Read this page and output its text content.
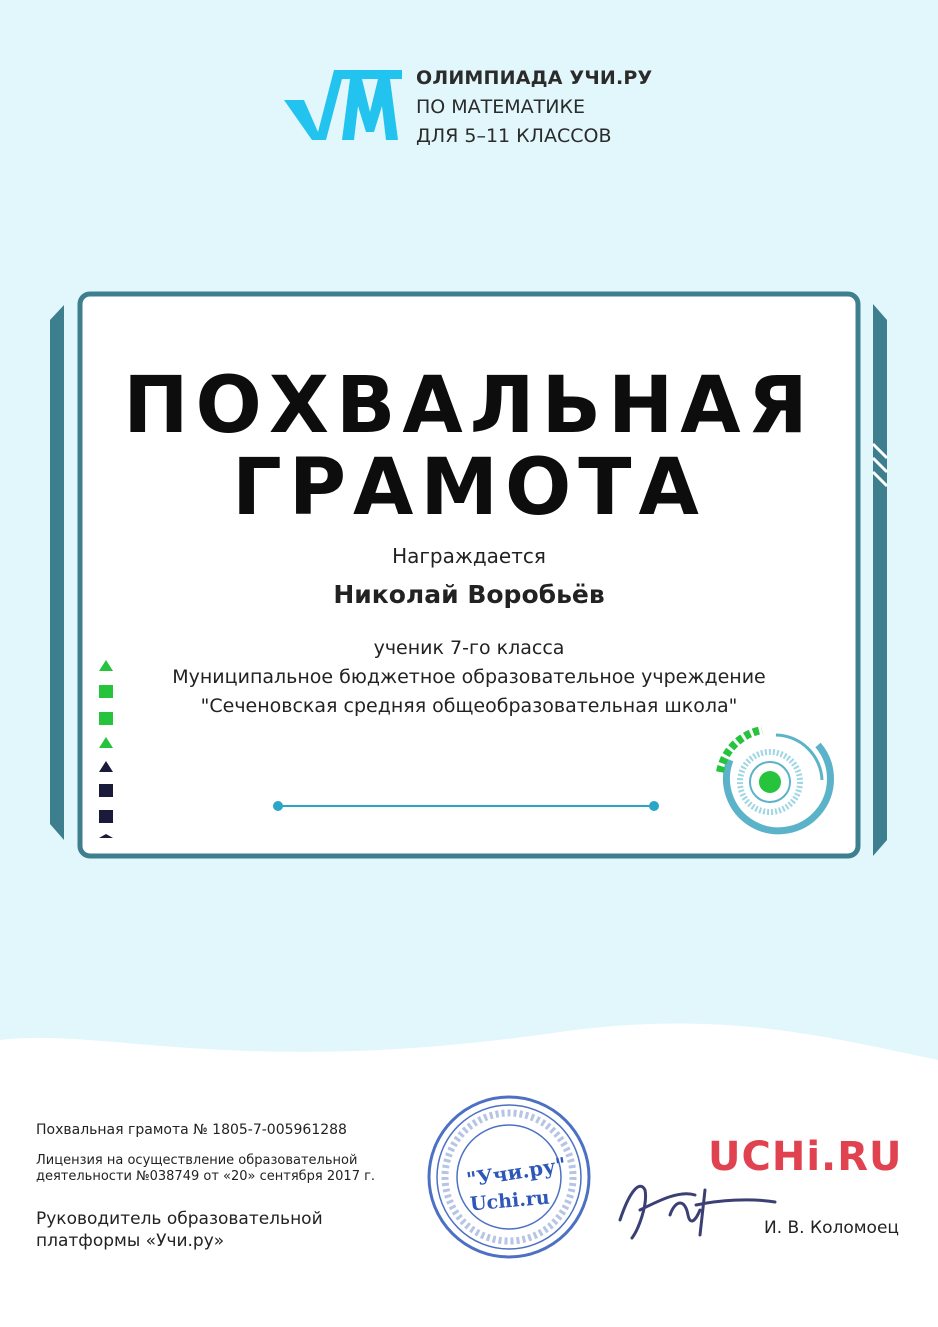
ОЛИМПИАДА УЧИ.РУ
ПО МАТЕМАТИКЕ
ДЛЯ 5–11 КЛАССОВ
ПОХВАЛЬНАЯ
ГРАМОТА
Награждается
Николай Воробьёв
ученик 7-го класса
Муниципальное бюджетное образовательное учреждение
"Сеченовская средняя общеобразовательная школа"
Похвальная грамота № 1805-7-005961288
Лицензия на осуществление образовательной деятельности №038749 от «20» сентября 2017 г.
Руководитель образовательной платформы «Учи.ру»
"Учи.ру"
Uchi.ru
UCHi.RU
И. В. Коломоец
